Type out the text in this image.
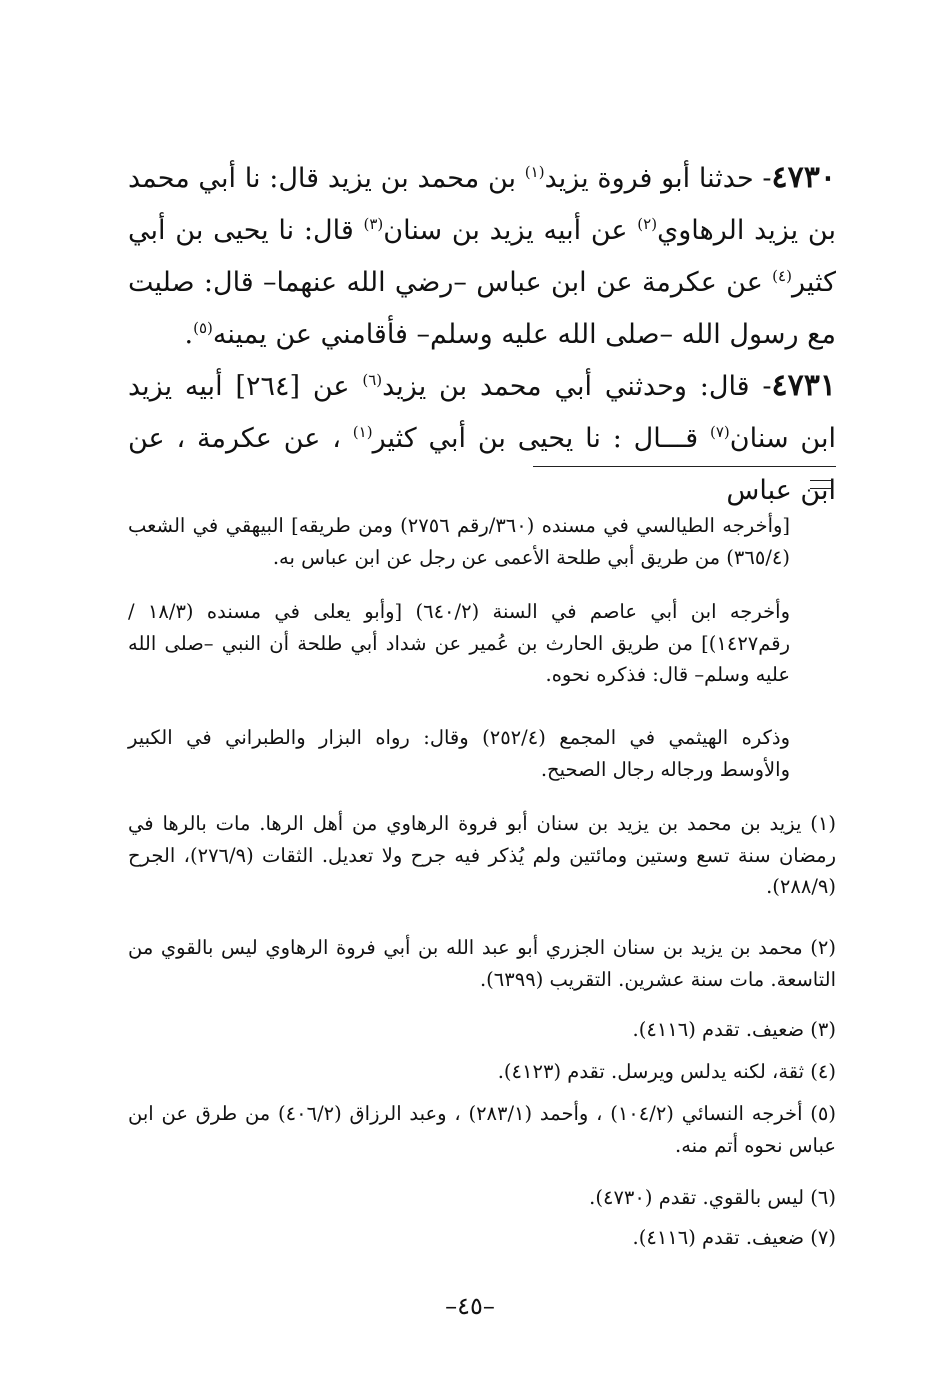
٤٧٣٠- حدثنا أبو فروة يزيد$^{(١)}$ بن محمد بن يزيد قال: نا أبي محمد بن يزيد الرهاوي$^{(٢)}$ عن أبيه يزيد بن سنان$^{(٣)}$ قال: نا يحيى بن أبي كثير$^{(٤)}$ عن عكرمة عن ابن عباس –رضي الله عنهما– قال: صليت مع رسول الله –صلى الله عليه وسلم– فأقامني عن يمينه$^{(٥)}$.
٤٧٣١- قال: وحدثني أبي محمد بن يزيد$^{(٦)}$ عن [٢٦٤] أبيه يزيد ابن سنان$^{(٧)}$ قـــال : نا يحيى بن أبي كثير$^{(١)}$ ، عن عكرمة ، عن ابن عباس
[وأخرجه الطيالسي في مسنده (٣٦٠/رقم ٢٧٥٦) ومن طريقه] البيهقي في الشعب (٣٦٥/٤) من طريق أبي طلحة الأعمى عن رجل عن ابن عباس به.
وأخرجه ابن أبي عاصم في السنة (٦٤٠/٢) [وأبو يعلى في مسنده (١٨/٣ /رقم١٤٢٧)] من طريق الحارث بن عُمير عن شداد أبي طلحة أن النبي –صلى الله عليه وسلم– قال: فذكره نحوه.
وذكره الهيثمي في المجمع (٢٥٢/٤) وقال: رواه البزار والطبراني في الكبير والأوسط ورجاله رجال الصحيح.
(١) يزيد بن محمد بن يزيد بن سنان أبو فروة الرهاوي من أهل الرها. مات بالرها في رمضان سنة تسع وستين ومائتين ولم يُذكر فيه جرح ولا تعديل. الثقات (٢٧٦/٩)، الجرح (٢٨٨/٩).
(٢) محمد بن يزيد بن سنان الجزري أبو عبد الله بن أبي فروة الرهاوي ليس بالقوي من التاسعة. مات سنة عشرين. التقريب (٦٣٩٩).
(٣) ضعيف. تقدم (٤١١٦).
(٤) ثقة، لكنه يدلس ويرسل. تقدم (٤١٢٣).
(٥) أخرجه النسائي (١٠٤/٢) ، وأحمد (٢٨٣/١) ، وعبد الرزاق (٤٠٦/٢) من طرق عن ابن عباس نحوه أتم منه.
(٦) ليس بالقوي. تقدم (٤٧٣٠).
(٧) ضعيف. تقدم (٤١١٦).
–٤٥–
